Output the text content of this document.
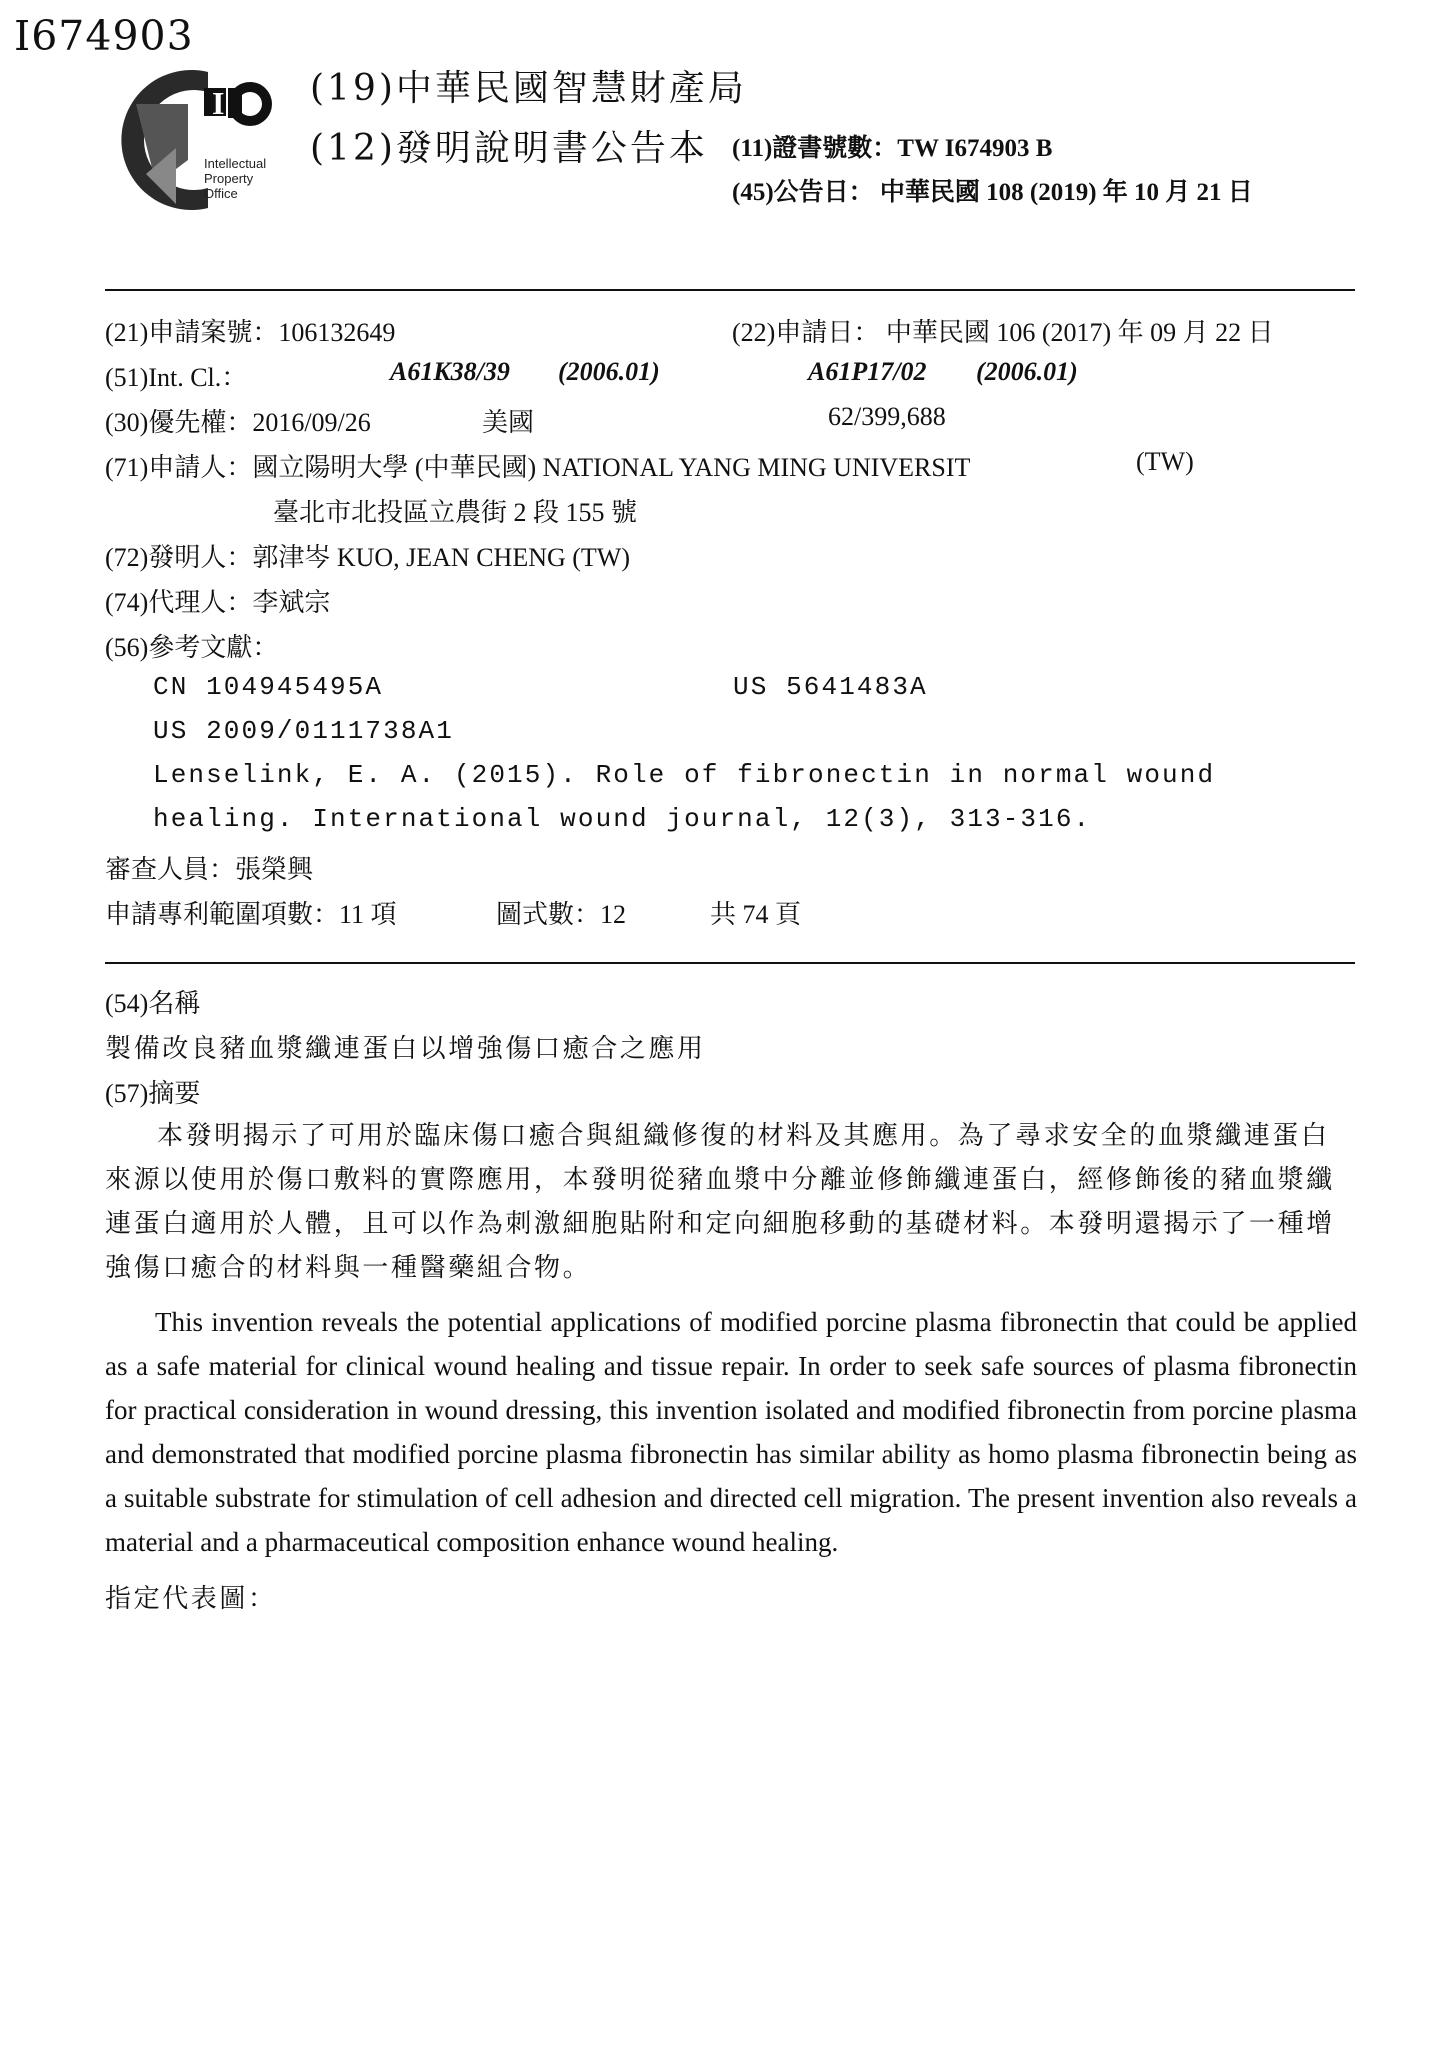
I674903
I
Intellectual
Property
Office
(19)中華民國智慧財產局
(12)發明說明書公告本 (11)證書號數：TW I674903 B
(45)公告日： 中華民國 108 (2019) 年 10 月 21 日
(21)申請案號：106132649	(22)申請日： 中華民國 106 (2017) 年 09 月 22 日
(51)Int. Cl.：	A61K38/39 (2006.01)	A61P17/02 (2006.01)
(30)優先權：2016/09/26	美國	62/399,688
(71)申請人：國立陽明大學 (中華民國) NATIONAL YANG MING UNIVERSIT	(TW)
臺北市北投區立農街 2 段 155 號
(72)發明人：郭津岑 KUO, JEAN CHENG (TW)
(74)代理人：李斌宗
(56)參考文獻：
CN 104945495A	US 5641483A
US 2009/0111738A1
Lenselink, E. A. (2015). Role of fibronectin in normal wound
healing. International wound journal, 12(3), 313-316.
審查人員：張榮興
申請專利範圍項數：11 項	圖式數：12	共 74 頁
(54)名稱
製備改良豬血漿纖連蛋白以增強傷口癒合之應用
(57)摘要

本發明揭示了可用於臨床傷口癒合與組織修復的材料及其應用。為了尋求安全的血漿纖連蛋白來源以使用於傷口敷料的實際應用，本發明從豬血漿中分離並修飾纖連蛋白，經修飾後的豬血漿纖連蛋白適用於人體，且可以作為刺激細胞貼附和定向細胞移動的基礎材料。本發明還揭示了一種增強傷口癒合的材料與一種醫藥組合物。

This invention reveals the potential applications of modified porcine plasma fibronectin that could be applied as a safe material for clinical wound healing and tissue repair. In order to seek safe sources of plasma fibronectin for practical consideration in wound dressing, this invention isolated and modified fibronectin from porcine plasma and demonstrated that modified porcine plasma fibronectin has similar ability as homo plasma fibronectin being as a suitable substrate for stimulation of cell adhesion and directed cell migration. The present invention also reveals a material and a pharmaceutical composition enhance wound healing.

指定代表圖：
